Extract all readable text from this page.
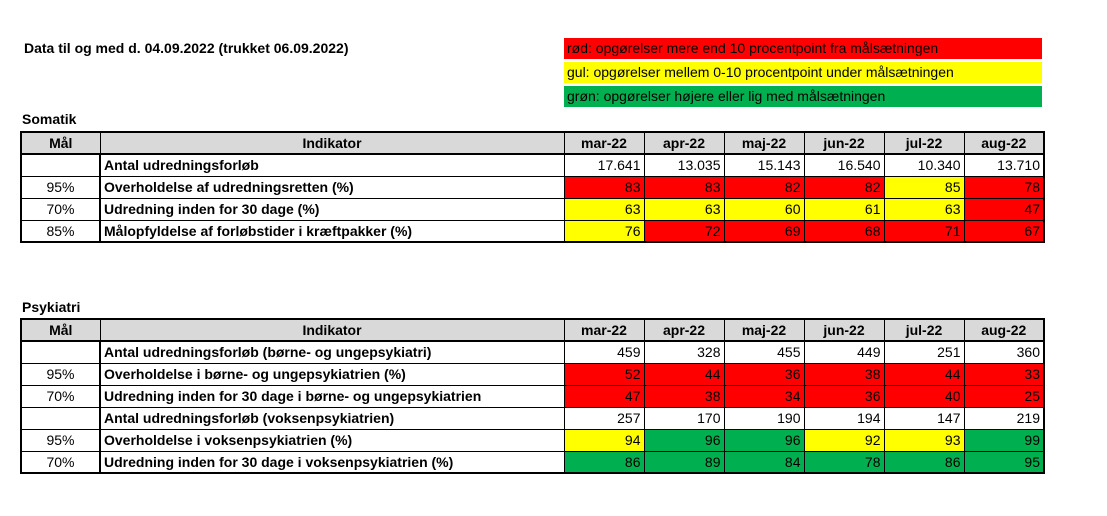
Data til og med d. 04.09.2022 (trukket 06.09.2022)	rød: opgørelser mere end 10 procentpoint fra målsætningen
gul: opgørelser mellem 0-10 procentpoint under målsætningen
grøn: opgørelser højere eller lig med målsætningen
Somatik
Mål	Indikator	mar-22	apr-22	maj-22	jun-22	jul-22	aug-22
	Antal udredningsforløb	17.641	13.035	15.143	16.540	10.340	13.710
95%	Overholdelse af udredningsretten (%)	83	83	82	82	85	78
70%	Udredning inden for 30 dage (%)	63	63	60	61	63	47
85%	Målopfyldelse af forløbstider i kræftpakker (%)	76	72	69	68	71	67
Psykiatri
Mål	Indikator	mar-22	apr-22	maj-22	jun-22	jul-22	aug-22
	Antal udredningsforløb (børne- og ungepsykiatri)	459	328	455	449	251	360
95%	Overholdelse i børne- og ungepsykiatrien (%)	52	44	36	38	44	33
70%	Udredning inden for 30 dage i børne- og ungepsykiatrien	47	38	34	36	40	25
	Antal udredningsforløb (voksenpsykiatrien)	257	170	190	194	147	219
95%	Overholdelse i voksenpsykiatrien (%)	94	96	96	92	93	99
70%	Udredning inden for 30 dage i voksenpsykiatrien (%)	86	89	84	78	86	95
